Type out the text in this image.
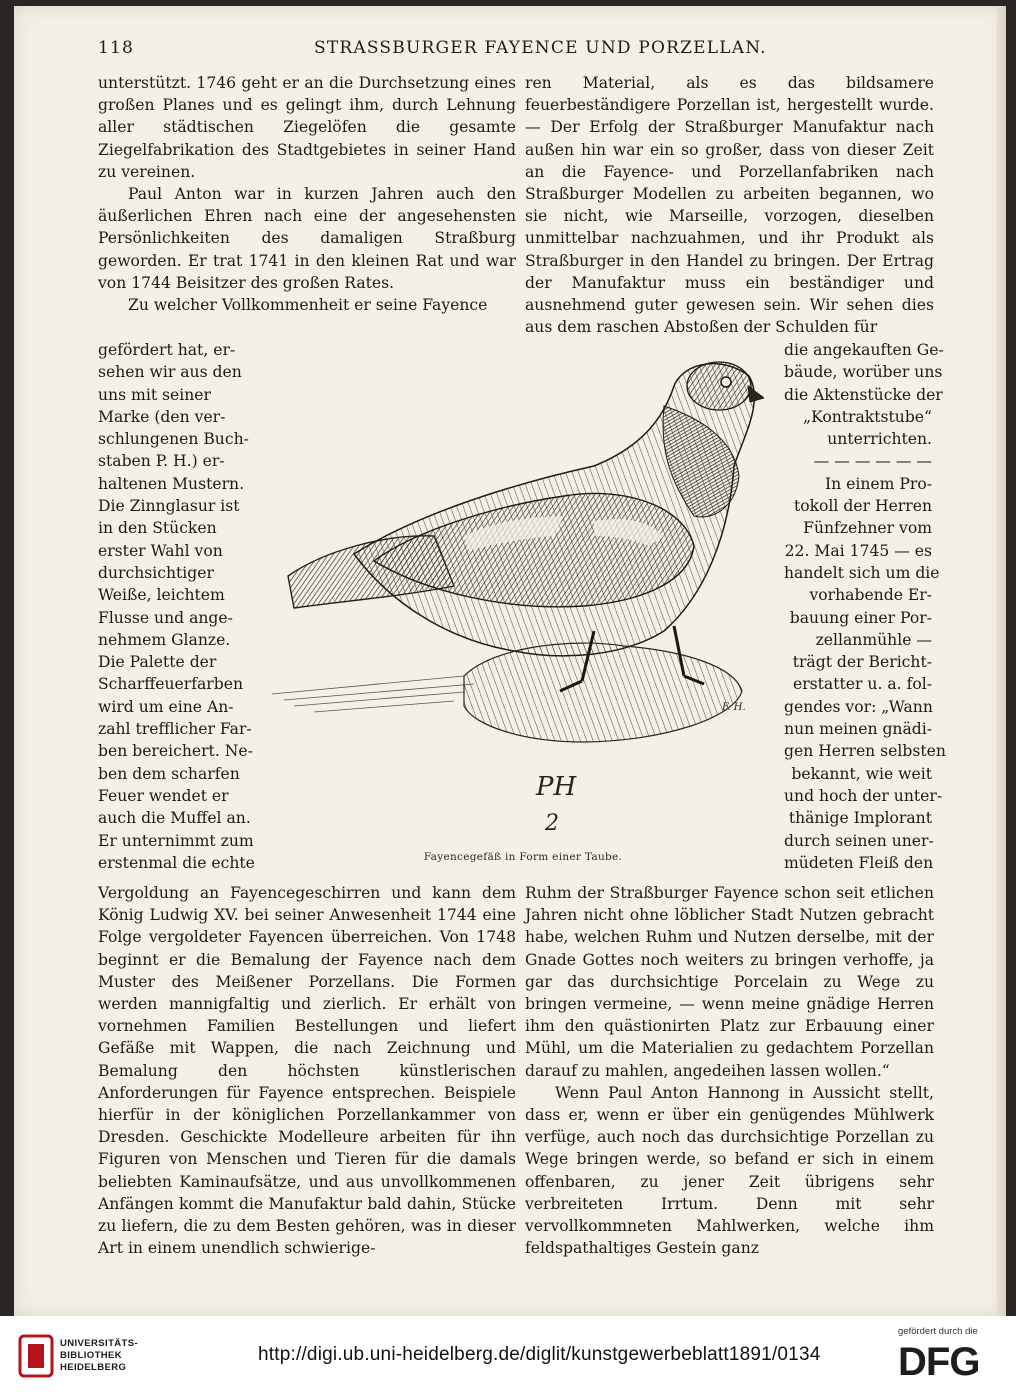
118	STRASSBURGER FAYENCE UND PORZELLAN.

unterstützt. 1746 geht er an die Durchsetzung eines großen Planes und es gelingt ihm, durch Lehnung aller städtischen Ziegelöfen die gesamte Ziegelfabrikation des Stadtgebietes in seiner Hand zu vereinen.

Paul Anton war in kurzen Jahren auch den äußerlichen Ehren nach eine der angesehensten Persönlichkeiten des damaligen Straßburg geworden. Er trat 1741 in den kleinen Rat und war von 1744 Beisitzer des großen Rates.

Zu welcher Vollkommenheit er seine Fayence

gefördert hat, er-
sehen wir aus den
uns mit seiner
Marke (den ver-
schlungenen Buch-
staben P. H.) er-
haltenen Mustern.
Die Zinnglasur ist
in den Stücken
erster Wahl von
durchsichtiger
Weiße, leichtem
Flusse und ange-
nehmem Glanze.
Die Palette der
Scharffeuerfarben
wird um eine An-
zahl trefflicher Far-
ben bereichert. Ne-
ben dem scharfen
Feuer wendet er
auch die Muffel an.
Er unternimmt zum
erstenmal die echte

ren Material, als es das bildsamere feuerbeständigere Porzellan ist, hergestellt wurde. — Der Erfolg der Straßburger Manufaktur nach außen hin war ein so großer, dass von dieser Zeit an die Fayence- und Porzellanfabriken nach Straßburger Modellen zu arbeiten begannen, wo sie nicht, wie Marseille, vorzogen, dieselben unmittelbar nachzuahmen, und ihr Produkt als Straßburger in den Handel zu bringen. Der Ertrag der Manufaktur muss ein beständiger und ausnehmend guter gewesen sein. Wir sehen dies aus dem raschen Abstoßen der Schulden für

die angekauften Ge-
bäude, worüber uns
die Aktenstücke der
„Kontraktstube“
unterrichten.
— — — — — —
In einem Pro-
tokoll der Herren
Fünfzehner vom
22. Mai 1745 — es
handelt sich um die
vorhabende Er-
bauung einer Por-
zellanmühle —
trägt der Bericht-
erstatter u. a. fol-
gendes vor: „Wann
nun meinen gnädi-
gen Herren selbsten
bekannt, wie weit
und hoch der unter-
thänige Implorant
durch seinen uner-
müdeten Fleiß den
F. H.
PH
2
Fayencegefäß in Form einer Taube.

Vergoldung an Fayencegeschirren und kann dem König Ludwig XV. bei seiner Anwesenheit 1744 eine Folge vergoldeter Fayencen überreichen. Von 1748 beginnt er die Bemalung der Fayence nach dem Muster des Meißener Porzellans. Die Formen werden mannigfaltig und zierlich. Er erhält von vornehmen Familien Bestellungen und liefert Gefäße mit Wappen, die nach Zeichnung und Bemalung den höchsten künstlerischen Anforderungen für Fayence entsprechen. Beispiele hierfür in der königlichen Porzellankammer von Dresden. Geschickte Modelleure arbeiten für ihn Figuren von Menschen und Tieren für die damals beliebten Kaminaufsätze, und aus unvollkommenen Anfängen kommt die Manufaktur bald dahin, Stücke zu liefern, die zu dem Besten gehören, was in dieser Art in einem unendlich schwierige-

Ruhm der Straßburger Fayence schon seit etlichen Jahren nicht ohne löblicher Stadt Nutzen gebracht habe, welchen Ruhm und Nutzen derselbe, mit der Gnade Gottes noch weiters zu bringen verhoffe, ja gar das durchsichtige Porcelain zu Wege zu bringen vermeine, — wenn meine gnädige Herren ihm den quästionirten Platz zur Erbauung einer Mühl, um die Materialien zu gedachtem Porzellan darauf zu mahlen, angedeihen lassen wollen.“

Wenn Paul Anton Hannong in Aussicht stellt, dass er, wenn er über ein genügendes Mühlwerk verfüge, auch noch das durchsichtige Porzellan zu Wege bringen werde, so befand er sich in einem offenbaren, zu jener Zeit übrigens sehr verbreiteten Irrtum. Denn mit sehr vervollkommneten Mahlwerken, welche ihm feldspathaltiges Gestein ganz

UNIVERSITÄTS-
BIBLIOTHEK
HEIDELBERG
http://digi.ub.uni-heidelberg.de/diglit/kunstgewerbeblatt1891/0134
gefördert durch die
DFG
